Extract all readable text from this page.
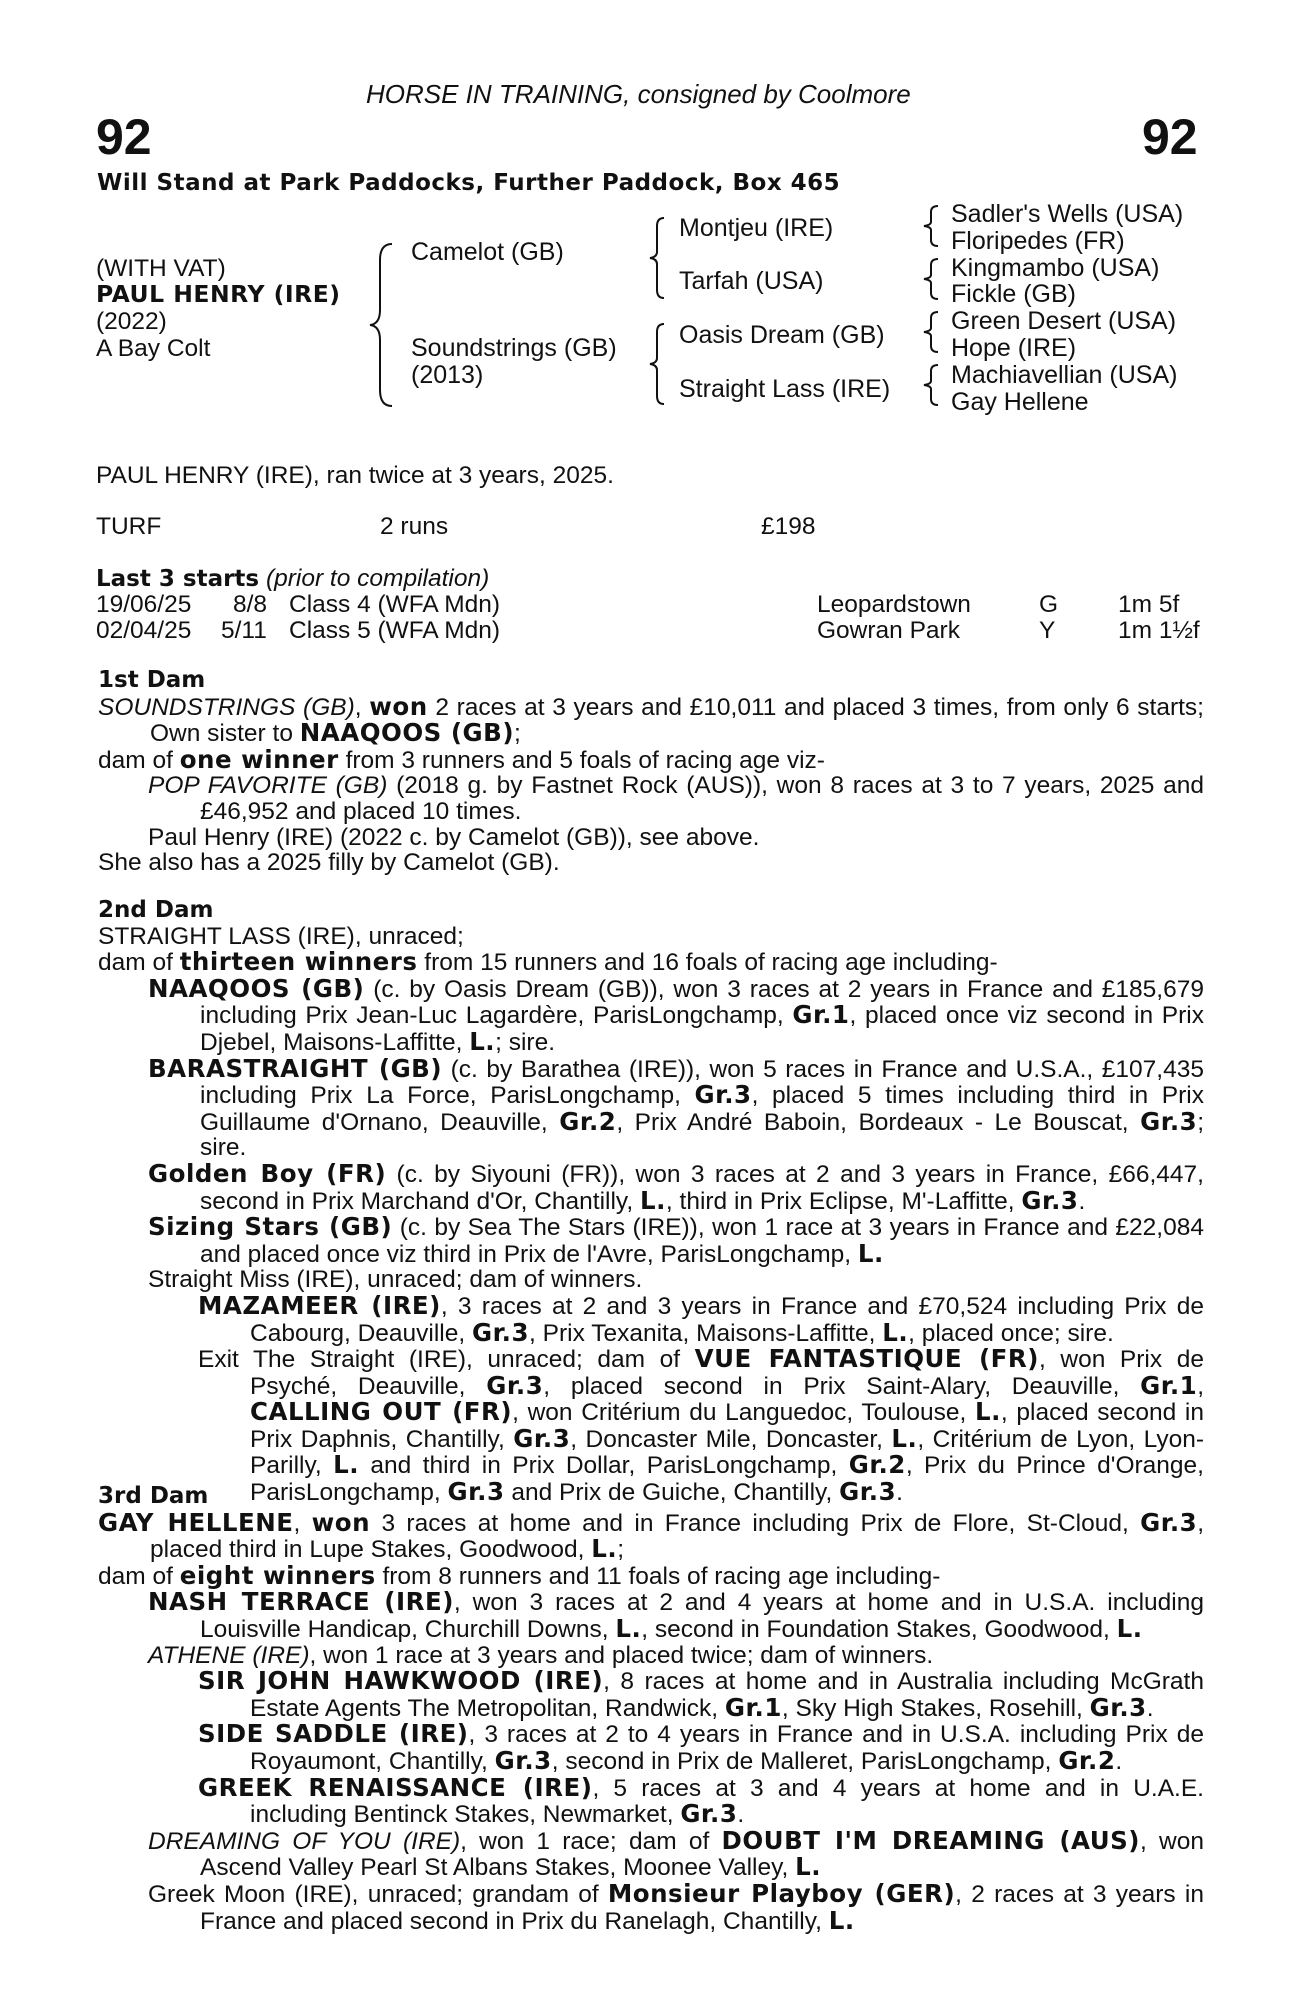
HORSE IN TRAINING, consigned by Coolmore
92	92
Will Stand at Park Paddocks, Further Paddock, Box 465
(WITH VAT)
PAUL HENRY (IRE)
(2022)
A Bay Colt
Camelot (GB)
Soundstrings (GB)
(2013)
Montjeu (IRE)
Tarfah (USA)
Oasis Dream (GB)
Straight Lass (IRE)
Sadler's Wells (USA)
Floripedes (FR)
Kingmambo (USA)
Fickle (GB)
Green Desert (USA)
Hope (IRE)
Machiavellian (USA)
Gay Hellene
PAUL HENRY (IRE), ran twice at 3 years, 2025.
TURF	2 runs	£198
Last 3 starts (prior to compilation)
19/06/25 8/8 Class 4 (WFA Mdn)	Leopardstown	G 1m 5f
02/04/25 5/11 Class 5 (WFA Mdn)	Gowran Park	Y	1m 1½f

1st Dam

SOUNDSTRINGS (GB), won 2 races at 3 years and £10,011 and placed 3 times, from only 6 starts; Own sister to NAAQOOS (GB);

dam of one winner from 3 runners and 5 foals of racing age viz-

POP FAVORITE (GB) (2018 g. by Fastnet Rock (AUS)), won 8 races at 3 to 7 years, 2025 and £46,952 and placed 10 times.

Paul Henry (IRE) (2022 c. by Camelot (GB)), see above.

She also has a 2025 filly by Camelot (GB).

2nd Dam

STRAIGHT LASS (IRE), unraced;

dam of thirteen winners from 15 runners and 16 foals of racing age including-

NAAQOOS (GB) (c. by Oasis Dream (GB)), won 3 races at 2 years in France and £185,679 including Prix Jean-Luc Lagardère, ParisLongchamp, Gr.1, placed once viz second in Prix Djebel, Maisons-Laffitte, L.; sire.

BARASTRAIGHT (GB) (c. by Barathea (IRE)), won 5 races in France and U.S.A., £107,435 including Prix La Force, ParisLongchamp, Gr.3, placed 5 times including third in Prix Guillaume d'Ornano, Deauville, Gr.2, Prix André Baboin, Bordeaux - Le Bouscat, Gr.3; sire.

Golden Boy (FR) (c. by Siyouni (FR)), won 3 races at 2 and 3 years in France, £66,447, second in Prix Marchand d'Or, Chantilly, L., third in Prix Eclipse, M'-Laffitte, Gr.3.

Sizing Stars (GB) (c. by Sea The Stars (IRE)), won 1 race at 3 years in France and £22,084 and placed once viz third in Prix de l'Avre, ParisLongchamp, L.

Straight Miss (IRE), unraced; dam of winners.

MAZAMEER (IRE), 3 races at 2 and 3 years in France and £70,524 including Prix de Cabourg, Deauville, Gr.3, Prix Texanita, Maisons-Laffitte, L., placed once; sire.

Exit The Straight (IRE), unraced; dam of VUE FANTASTIQUE (FR), won Prix de Psyché, Deauville, Gr.3, placed second in Prix Saint-Alary, Deauville, Gr.1, CALLING OUT (FR), won Critérium du Languedoc, Toulouse, L., placed second in Prix Daphnis, Chantilly, Gr.3, Doncaster Mile, Doncaster, L., Critérium de Lyon, Lyon-Parilly, L. and third in Prix Dollar, ParisLongchamp, Gr.2, Prix du Prince d'Orange, ParisLongchamp, Gr.3 and Prix de Guiche, Chantilly, Gr.3.

3rd Dam

GAY HELLENE, won 3 races at home and in France including Prix de Flore, St-Cloud, Gr.3, placed third in Lupe Stakes, Goodwood, L.;

dam of eight winners from 8 runners and 11 foals of racing age including-

NASH TERRACE (IRE), won 3 races at 2 and 4 years at home and in U.S.A. including Louisville Handicap, Churchill Downs, L., second in Foundation Stakes, Goodwood, L.

ATHENE (IRE), won 1 race at 3 years and placed twice; dam of winners.

SIR JOHN HAWKWOOD (IRE), 8 races at home and in Australia including McGrath Estate Agents The Metropolitan, Randwick, Gr.1, Sky High Stakes, Rosehill, Gr.3.

SIDE SADDLE (IRE), 3 races at 2 to 4 years in France and in U.S.A. including Prix de Royaumont, Chantilly, Gr.3, second in Prix de Malleret, ParisLongchamp, Gr.2.

GREEK RENAISSANCE (IRE), 5 races at 3 and 4 years at home and in U.A.E. including Bentinck Stakes, Newmarket, Gr.3.

DREAMING OF YOU (IRE), won 1 race; dam of DOUBT I'M DREAMING (AUS), won Ascend Valley Pearl St Albans Stakes, Moonee Valley, L.

Greek Moon (IRE), unraced; grandam of Monsieur Playboy (GER), 2 races at 3 years in France and placed second in Prix du Ranelagh, Chantilly, L.
